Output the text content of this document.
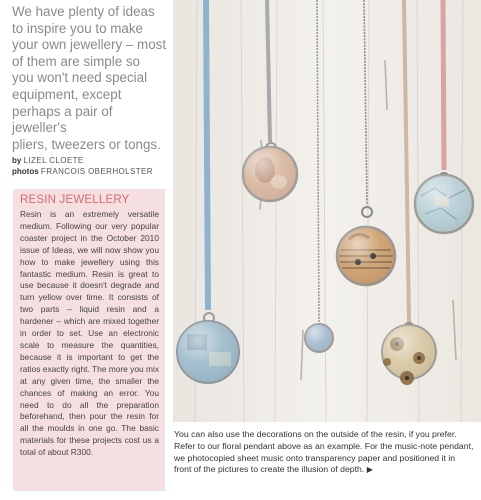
We have plenty of ideas
to inspire you to make
your own jewellery – most
of them are simple so
you won't need special
equipment, except
perhaps a pair of jeweller's
pliers, tweezers or tongs.
by LIZEL CLOETE
photos FRANCOIS OBERHOLSTER
RESIN JEWELLERY

Resin is an extremely versatile medium. Following our very popular coaster project in the October 2010 issue of Ideas, we will now show you how to make jewellery using this fantastic medium. Resin is great to use because it doesn't degrade and turn yellow over time. It consists of two parts – liquid resin and a hardener – which are mixed together in order to set. Use an electronic scale to measure the quantities, because it is important to get the ratios exactly right. The more you mix at any given time, the smaller the chances of making an error. You need to do all the preparation beforehand, then pour the resin for all the moulds in one go. The basic materials for these projects cost us a total of about R300.

You can also use the decorations on the outside of the resin, if you prefer. Refer to our floral pendant above as an example. For the music-note pendant, we photocopied sheet music onto transparency paper and positioned it in front of the pictures to create the illusion of depth. ▶
